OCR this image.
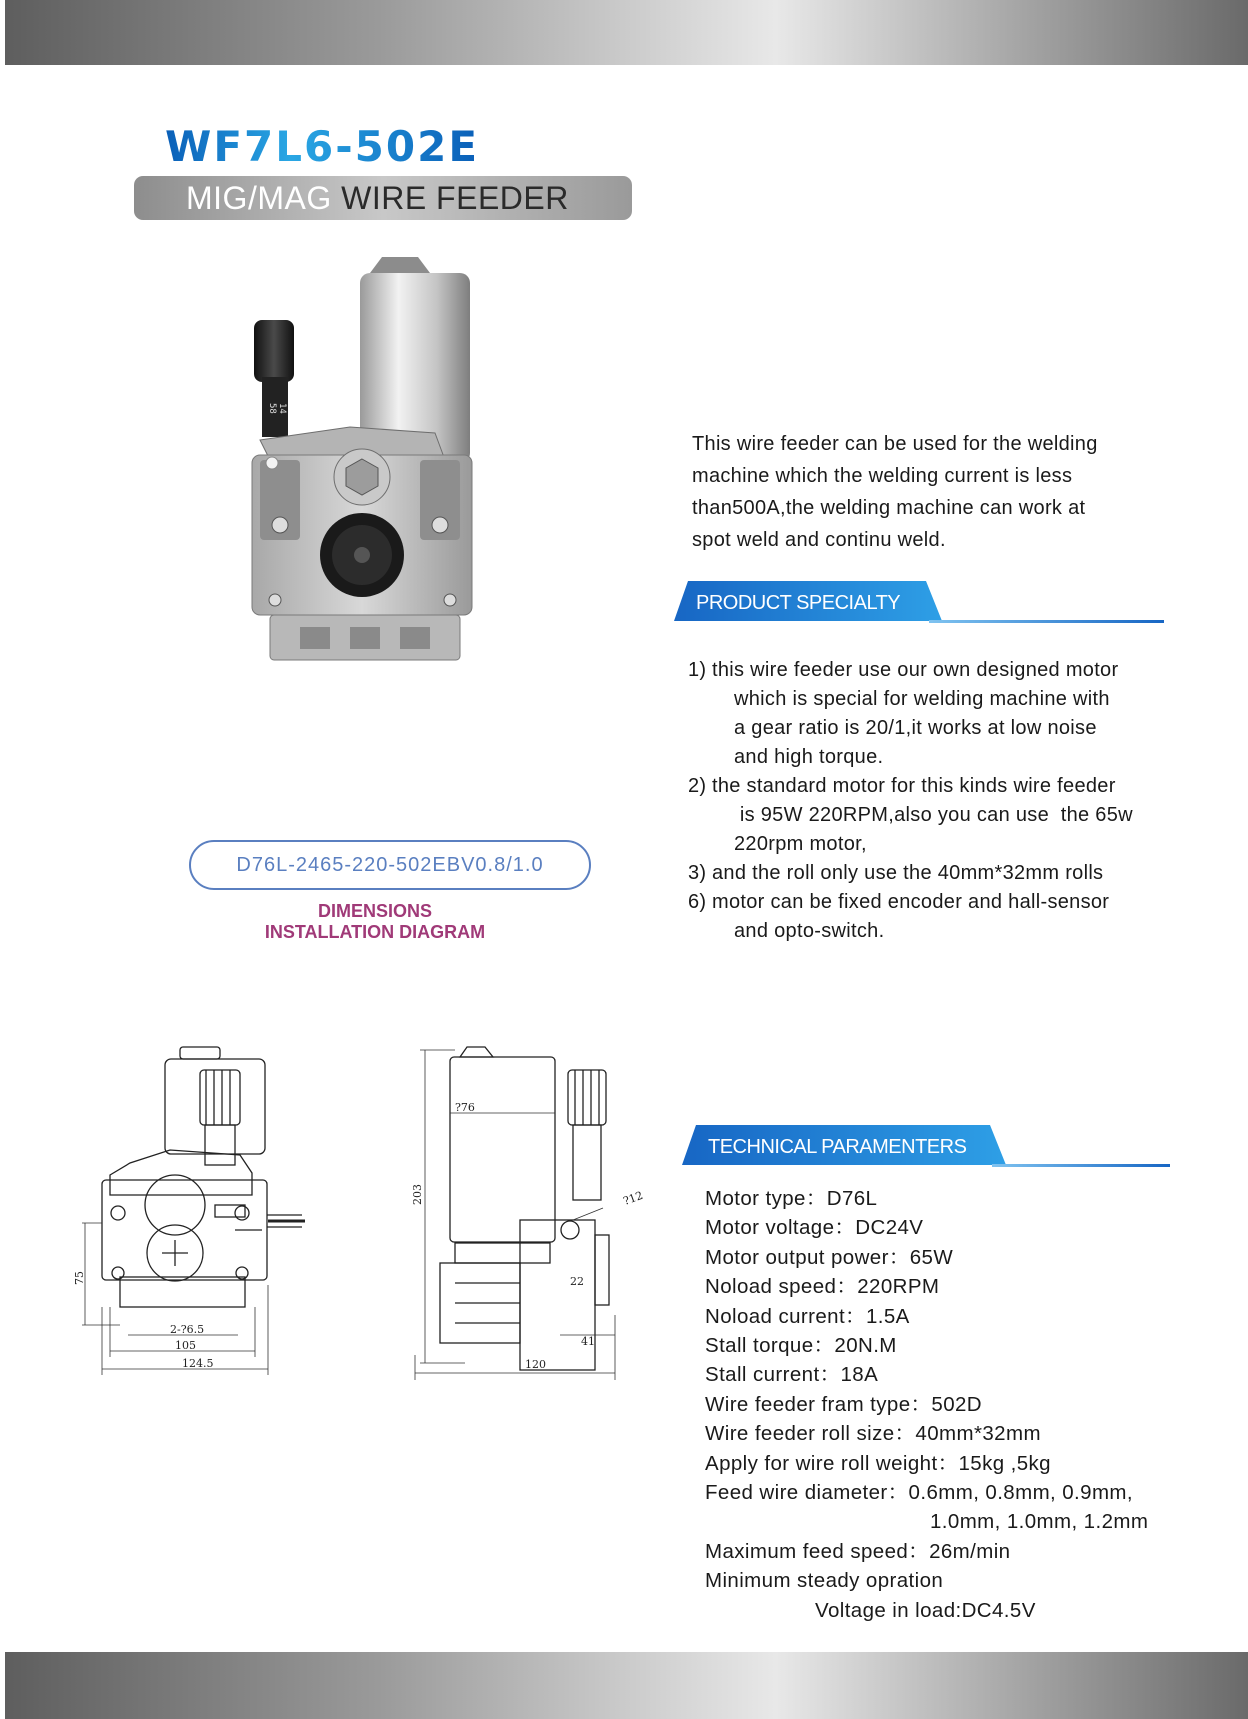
WF7L6-502E
MIG/MAG WIRE FEEDER
58 14
D76L-2465-220-502EBV0.8/1.0
DIMENSIONS
INSTALLATION DIAGRAM

This wire feeder can be used for the welding

machine which the welding current is less

than500A,the welding machine can work at

spot weld and continu weld.

PRODUCT SPECIALTY
1) this wire feeder use our own designed motor
which is special for welding machine with
a gear ratio is 20/1,it works at low noise
and high torque.
2) the standard motor for this kinds wire feeder
is 95W 220RPM,also you can use  the 65w
220rpm motor,
3) and the roll only use the 40mm*32mm rolls
6) motor can be fixed encoder and hall-sensor
and opto-switch.
TECHNICAL PARAMENTERS
Motor type：D76L
Motor voltage：DC24V
Motor output power：65W
Noload speed：220RPM
Noload current：1.5A
Stall torque：20N.M
Stall current：18A
Wire feeder fram type：502D
Wire feeder roll size：40mm*32mm
Apply for wire roll weight：15kg ,5kg
Feed wire diameter：0.6mm, 0.8mm, 0.9mm,
1.0mm, 1.0mm, 1.2mm
Maximum feed speed：26m/min
Minimum steady opration
Voltage in load:DC4.5V
75
2-?6.5
105
124.5
?76
203	?12
22
41
120
